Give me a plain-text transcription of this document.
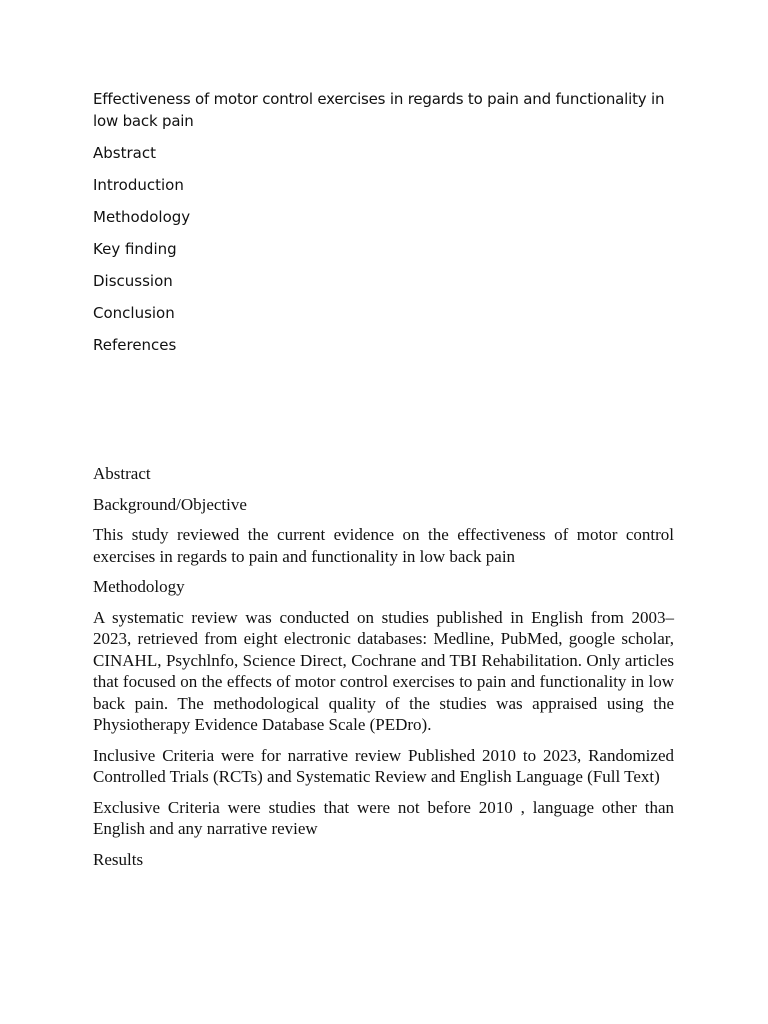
Effectiveness of motor control exercises in regards to pain and functionality in low back pain

Abstract

Introduction

Methodology

Key finding

Discussion

Conclusion

References

Abstract

Background/Objective

This study reviewed the current evidence on the effectiveness of motor control exercises in regards to pain and functionality in low back pain

Methodology

A systematic review was conducted on studies published in English from 2003–2023, retrieved from eight electronic databases: Medline, PubMed, google scholar, CINAHL, Psychlnfo, Science Direct, Cochrane and TBI Rehabilitation. Only articles that focused on the effects of motor control exercises to pain and functionality in low back pain. The methodological quality of the studies was appraised using the Physiotherapy Evidence Database Scale (PEDro).

Inclusive Criteria were for narrative review Published 2010 to 2023, Randomized Controlled Trials (RCTs) and Systematic Review and English Language (Full Text)

Exclusive Criteria were studies that were not before 2010 , language other than English and any narrative review

Results
